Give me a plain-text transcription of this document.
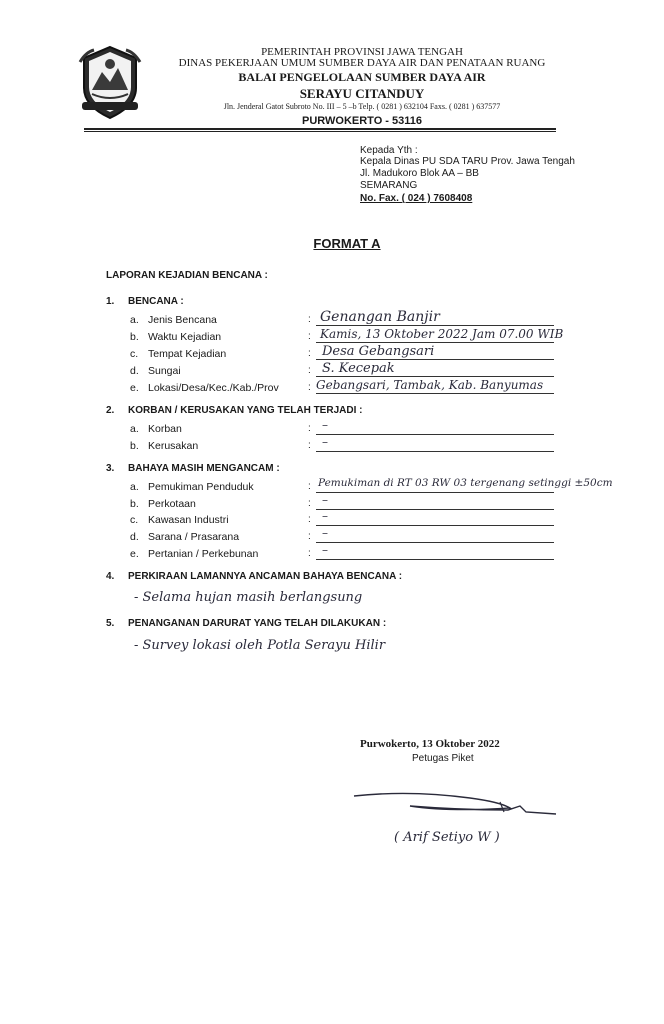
PEMERINTAH PROVINSI JAWA TENGAH
DINAS PEKERJAAN UMUM SUMBER DAYA AIR DAN PENATAAN RUANG
BALAI PENGELOLAAN SUMBER DAYA AIR
SERAYU CITANDUY
Jln. Jenderal Gatot Subroto No. III – 5 –b Telp. ( 0281 ) 632104 Faxs. ( 0281 ) 637577
PURWOKERTO - 53116
Kepada Yth :
Kepala Dinas PU SDA TARU Prov. Jawa Tengah
Jl. Madukoro Blok AA – BB
SEMARANG
No. Fax. ( 024 ) 7608408
FORMAT A
LAPORAN KEJADIAN BENCANA :
1. BENCANA :
a. Jenis Bencana	: Genangan Banjir
b. Waktu Kejadian	: Kamis, 13 Oktober 2022 Jam 07.00 WIB
c. Tempat Kejadian	: Desa Gebangsari
d. Sungai	: S. Kecepak
e. Lokasi/Desa/Kec./Kab./Prov	: Gebangsari, Tambak, Kab. Banyumas
2. KORBAN / KERUSAKAN YANG TELAH TERJADI :
a. Korban	: –
b. Kerusakan	: –
3. BAHAYA MASIH MENGANCAM :
a. Pemukiman Penduduk	: Pemukiman di RT 03 RW 03 tergenang setinggi ±50cm
b. Perkotaan	: –
c. Kawasan Industri	: –
d. Sarana / Prasarana	: –
e. Pertanian / Perkebunan	: –
4. PERKIRAAN LAMANNYA ANCAMAN BAHAYA BENCANA :
- Selama hujan masih berlangsung
5. PENANGANAN DARURAT YANG TELAH DILAKUKAN :
- Survey lokasi oleh Potla Serayu Hilir
Purwokerto, 13 Oktober 2022
Petugas Piket
( Arif Setiyo W )
